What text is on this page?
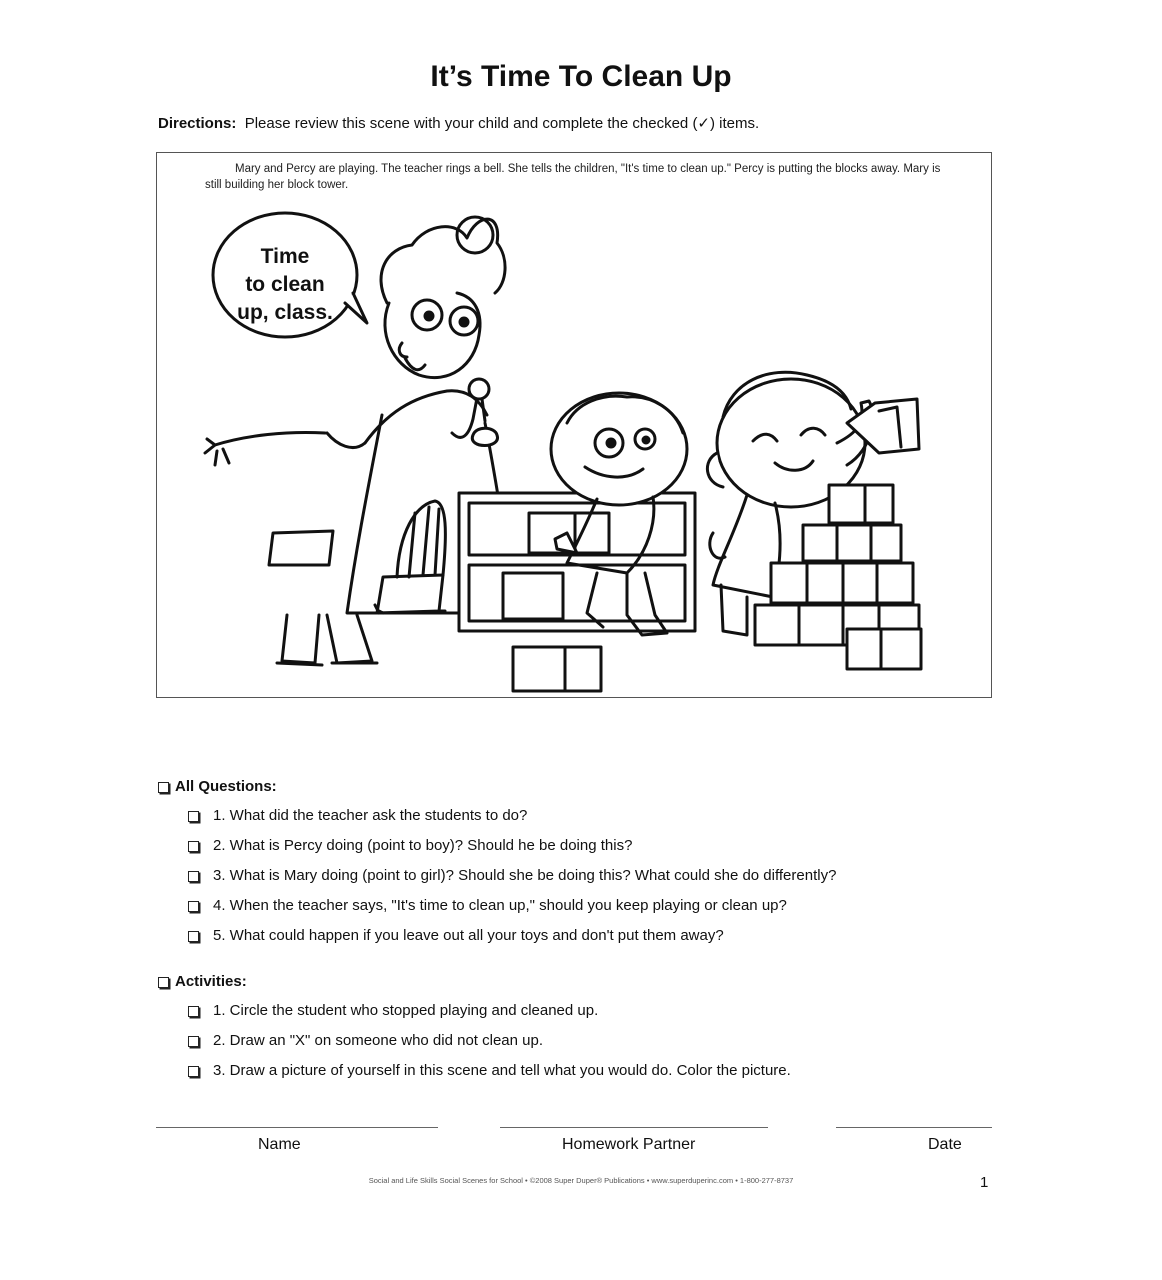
It’s Time To Clean Up
Directions: Please review this scene with your child and complete the checked (✓) items.
Mary and Percy are playing. The teacher rings a bell. She tells the children, "It's time to clean up." Percy is putting the blocks away. Mary is still building her block tower.
Time
to clean
up, class.
All Questions:
1. What did the teacher ask the students to do?
2. What is Percy doing (point to boy)? Should he be doing this?
3. What is Mary doing (point to girl)? Should she be doing this? What could she do differently?
4. When the teacher says, "It's time to clean up," should you keep playing or clean up?
5. What could happen if you leave out all your toys and don't put them away?
Activities:
1. Circle the student who stopped playing and cleaned up.
2. Draw an "X" on someone who did not clean up.
3. Draw a picture of yourself in this scene and tell what you would do. Color the picture.
Name	Homework Partner	Date
Social and Life Skills Social Scenes for School • ©2008 Super Duper® Publications • www.superduperinc.com • 1-800-277-8737	1
